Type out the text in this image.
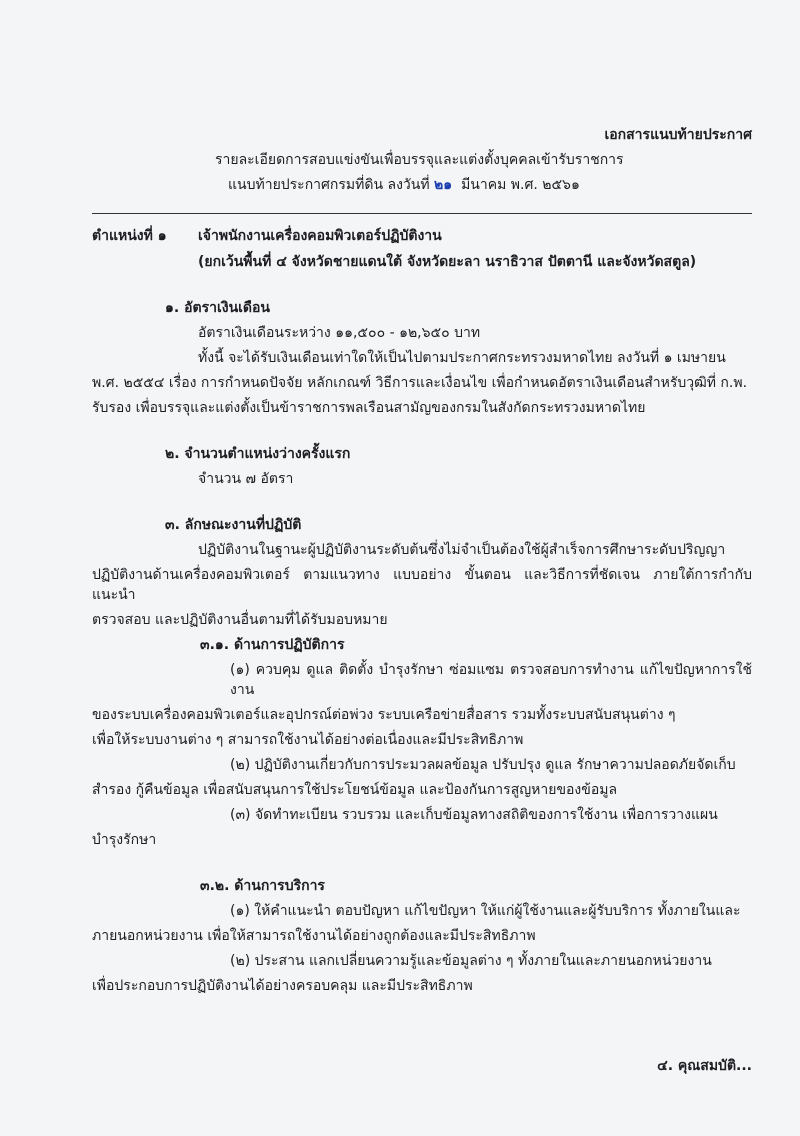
เอกสารแนบท้ายประกาศ
รายละเอียดการสอบแข่งขันเพื่อบรรจุและแต่งตั้งบุคคลเข้ารับราชการ
แนบท้ายประกาศกรมที่ดิน ลงวันที่ ๒๑ มีนาคม พ.ศ. ๒๕๖๑
ตำแหน่งที่ ๑	เจ้าพนักงานเครื่องคอมพิวเตอร์ปฏิบัติงาน
(ยกเว้นพื้นที่ ๔ จังหวัดชายแดนใต้ จังหวัดยะลา นราธิวาส ปัตตานี และจังหวัดสตูล)
๑. อัตราเงินเดือน
อัตราเงินเดือนระหว่าง ๑๑,๕๐๐ - ๑๒,๖๕๐ บาท
ทั้งนี้ จะได้รับเงินเดือนเท่าใดให้เป็นไปตามประกาศกระทรวงมหาดไทย ลงวันที่ ๑ เมษายน
พ.ศ. ๒๕๕๔ เรื่อง การกำหนดปัจจัย หลักเกณฑ์ วิธีการและเงื่อนไข เพื่อกำหนดอัตราเงินเดือนสำหรับวุฒิที่ ก.พ.
รับรอง เพื่อบรรจุและแต่งตั้งเป็นข้าราชการพลเรือนสามัญของกรมในสังกัดกระทรวงมหาดไทย
๒. จำนวนตำแหน่งว่างครั้งแรก
จำนวน ๗ อัตรา
๓. ลักษณะงานที่ปฏิบัติ
ปฏิบัติงานในฐานะผู้ปฏิบัติงานระดับต้นซึ่งไม่จำเป็นต้องใช้ผู้สำเร็จการศึกษาระดับปริญญา
ปฏิบัติงานด้านเครื่องคอมพิวเตอร์ ตามแนวทาง แบบอย่าง ขั้นตอน และวิธีการที่ชัดเจน ภายใต้การกำกับ แนะนำ
ตรวจสอบ และปฏิบัติงานอื่นตามที่ได้รับมอบหมาย
๓.๑. ด้านการปฏิบัติการ
(๑) ควบคุม ดูแล ติดตั้ง บำรุงรักษา ซ่อมแซม ตรวจสอบการทำงาน แก้ไขปัญหาการใช้งาน
ของระบบเครื่องคอมพิวเตอร์และอุปกรณ์ต่อพ่วง ระบบเครือข่ายสื่อสาร รวมทั้งระบบสนับสนุนต่าง ๆ
เพื่อให้ระบบงานต่าง ๆ สามารถใช้งานได้อย่างต่อเนื่องและมีประสิทธิภาพ
(๒) ปฏิบัติงานเกี่ยวกับการประมวลผลข้อมูล ปรับปรุง ดูแล รักษาความปลอดภัยจัดเก็บ
สำรอง กู้คืนข้อมูล เพื่อสนับสนุนการใช้ประโยชน์ข้อมูล และป้องกันการสูญหายของข้อมูล
(๓) จัดทำทะเบียน รวบรวม และเก็บข้อมูลทางสถิติของการใช้งาน เพื่อการวางแผน
บำรุงรักษา
๓.๒. ด้านการบริการ
(๑) ให้คำแนะนำ ตอบปัญหา แก้ไขปัญหา ให้แก่ผู้ใช้งานและผู้รับบริการ ทั้งภายในและ
ภายนอกหน่วยงาน เพื่อให้สามารถใช้งานได้อย่างถูกต้องและมีประสิทธิภาพ
(๒) ประสาน แลกเปลี่ยนความรู้และข้อมูลต่าง ๆ ทั้งภายในและภายนอกหน่วยงาน
เพื่อประกอบการปฏิบัติงานได้อย่างครอบคลุม และมีประสิทธิภาพ
๔. คุณสมบัติ...
